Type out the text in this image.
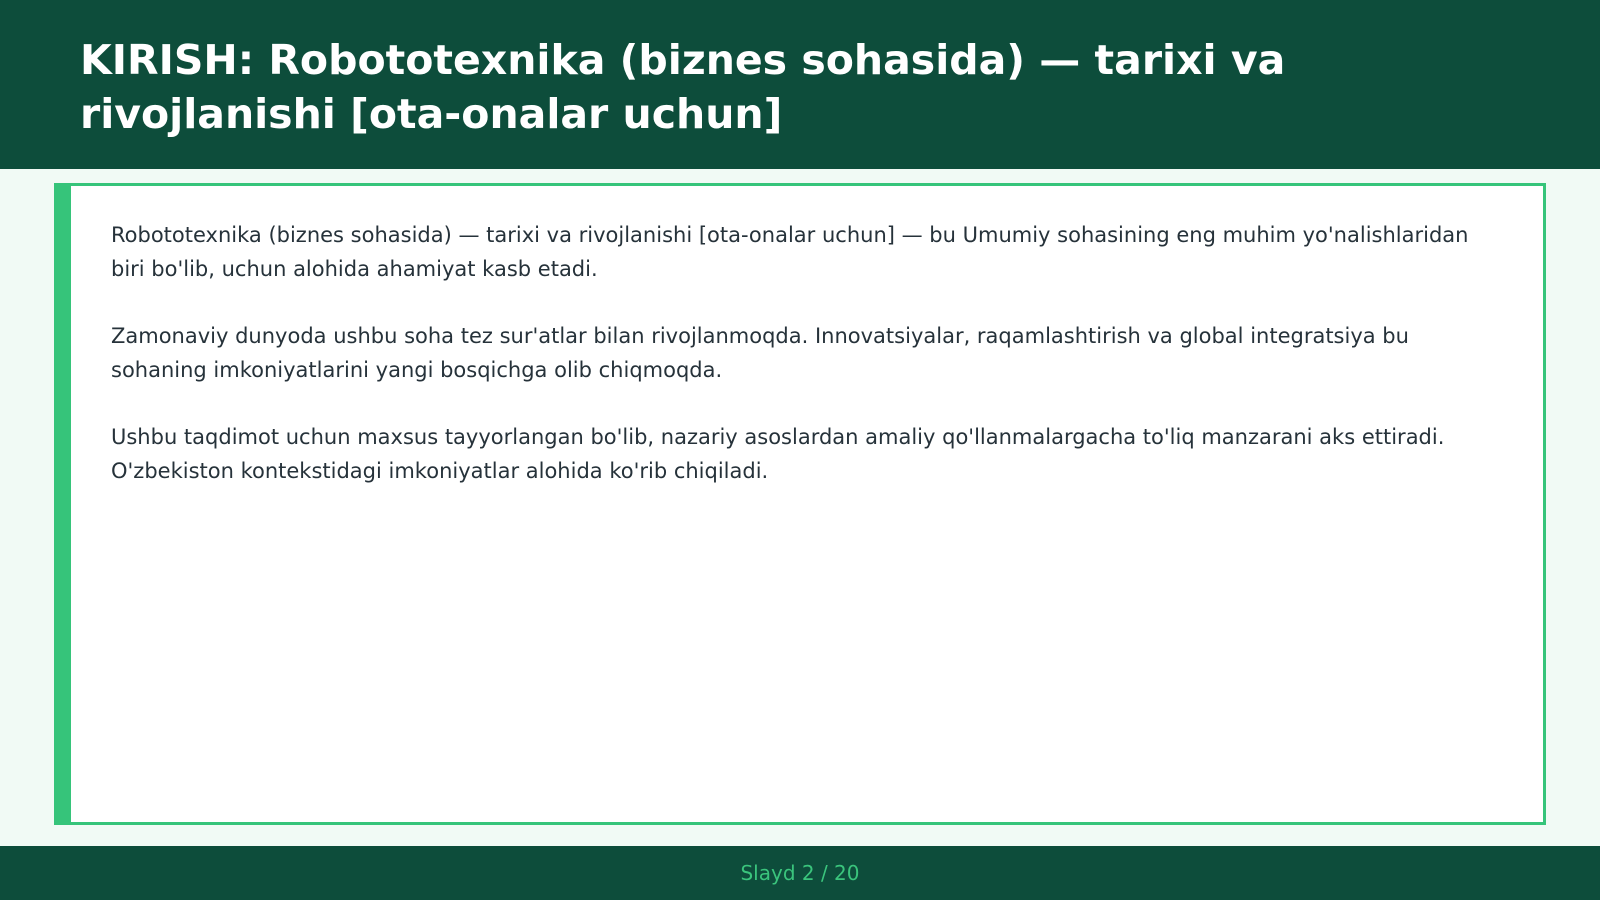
KIRISH: Robototexnika (biznes sohasida) — tarixi va rivojlanishi [ota-onalar uchun]

Robototexnika (biznes sohasida) — tarixi va rivojlanishi [ota-onalar uchun] — bu Umumiy sohasining eng muhim yo'nalishlaridan biri bo'lib, uchun alohida ahamiyat kasb etadi.

Zamonaviy dunyoda ushbu soha tez sur'atlar bilan rivojlanmoqda. Innovatsiyalar, raqamlashtirish va global integratsiya bu sohaning imkoniyatlarini yangi bosqichga olib chiqmoqda.

Ushbu taqdimot uchun maxsus tayyorlangan bo'lib, nazariy asoslardan amaliy qo'llanmalargacha to'liq manzarani aks ettiradi. O'zbekiston kontekstidagi imkoniyatlar alohida ko'rib chiqiladi.

Slayd 2 / 20
